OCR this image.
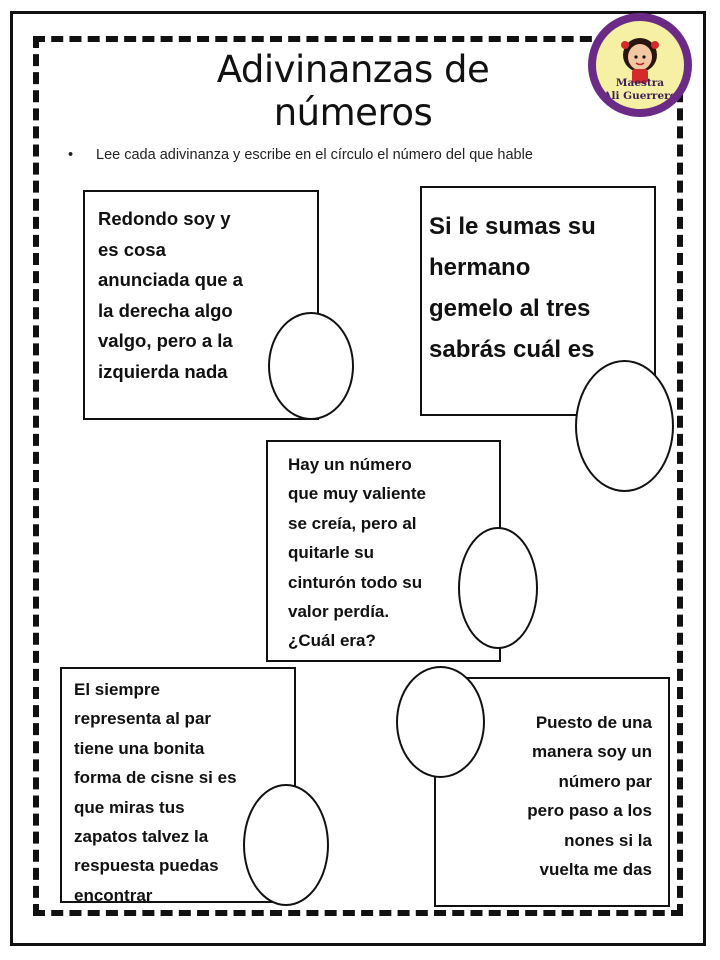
Adivinanzas de números
• Lee cada adivinanza y escribe en el círculo el número del que hable
Maestra
Ali Guerrero

Redondo soy y

es cosa

anunciada que a

la derecha algo

valgo, pero a la

izquierda nada

Si le sumas su

hermano

gemelo al tres

sabrás cuál es

Hay un número

que muy valiente

se creía, pero al

quitarle su

cinturón todo su

valor perdía.

¿Cuál era?

El siempre

representa al par

tiene una bonita

forma de cisne si es

que miras tus

zapatos talvez la

respuesta puedas

encontrar

Puesto de una

manera soy un

número par

pero paso a los

nones si la

vuelta me das
